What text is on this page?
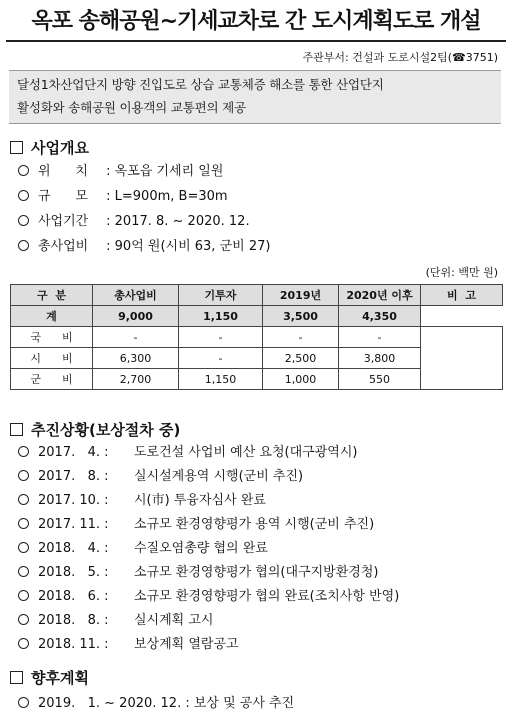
옥포 송해공원~기세교차로 간 도시계획도로 개설
주관부서: 건설과 도로시설2팀(☎3751)
달성1차산업단지 방향 진입도로 상습 교통체증 해소를 통한 산업단지
활성화와 송해공원 이용객의 교통편의 제공
사업개요
위      치 : 옥포읍 기세리 일원
규      모 : L=900m, B=30m
사업기간 : 2017. 8. ~ 2020. 12.
총사업비 : 90억 원(시비 63, 군비 27)
(단위: 백만 원)
구  분	총사업비	기투자	2019년	2020년 이후	비  고
계	9,000	1,150	3,500	4,350	
국      비	-	-	-	-	
시      비	6,300	-	2,500	3,800	
군      비	2,700	1,150	1,000	550	
추진상황(보상절차 중)
2017.   4. : 도로건설 사업비 예산 요청(대구광역시)
2017.   8. : 실시설계용역 시행(군비 추진)
2017. 10. : 시(市) 투융자심사 완료
2017. 11. : 소규모 환경영향평가 용역 시행(군비 추진)
2018.   4. : 수질오염총량 협의 완료
2018.   5. : 소규모 환경영향평가 협의(대구지방환경청)
2018.   6. : 소규모 환경영향평가 협의 완료(조치사항 반영)
2018.   8. : 실시계획 고시
2018. 11. : 보상계획 열람공고
향후계획
2019.   1. ~ 2020. 12. : 보상 및 공사 추진
